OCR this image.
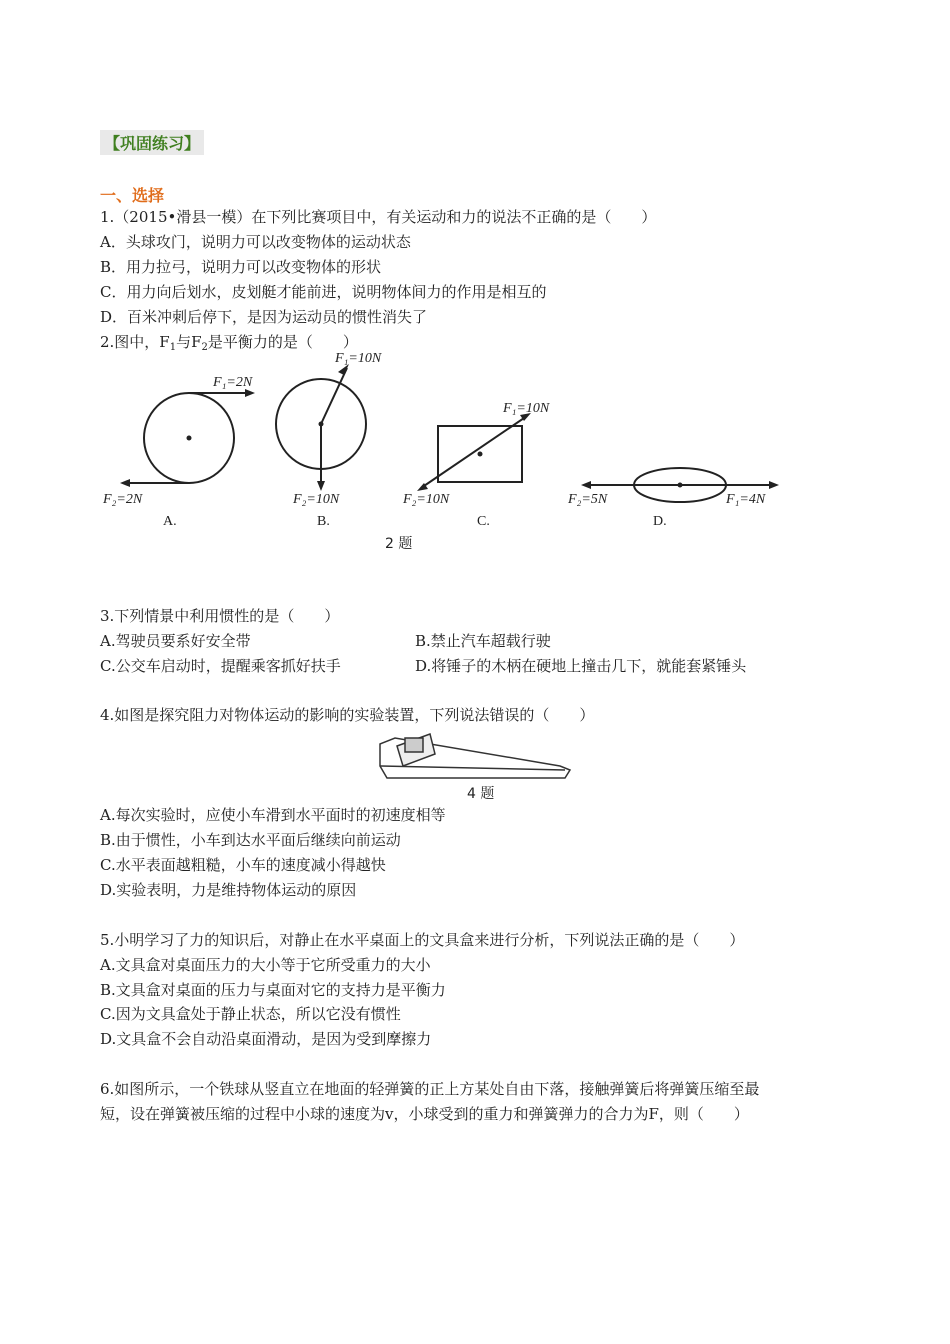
【巩固练习】
一、选择
1.（2015•滑县一模）在下列比赛项目中，有关运动和力的说法不正确的是（　　）
A．头球攻门，说明力可以改变物体的运动状态
B．用力拉弓，说明力可以改变物体的形状
C．用力向后划水，皮划艇才能前进，说明物体间力的作用是相互的
D．百米冲刺后停下，是因为运动员的惯性消失了
2.图中，$F_1$与$F_2$是平衡力的是（　　）
F₁=2N
F₂=2N
A.
F₁=10N
F₂=10N
B.
F₁=10N
F₂=10N
C.
F₂=5N	F₁=4N
D.
2 题
3.下列情景中利用惯性的是（　　）
A.驾驶员要系好安全带	B.禁止汽车超载行驶
C.公交车启动时，提醒乘客抓好扶手	D.将锤子的木柄在硬地上撞击几下，就能套紧锤头
4.如图是探究阻力对物体运动的影响的实验装置，下列说法错误的（　　）
4 题
A.每次实验时，应使小车滑到水平面时的初速度相等
B.由于惯性，小车到达水平面后继续向前运动
C.水平表面越粗糙，小车的速度减小得越快
D.实验表明，力是维持物体运动的原因
5.小明学习了力的知识后，对静止在水平桌面上的文具盒来进行分析，下列说法正确的是（　　）
A.文具盒对桌面压力的大小等于它所受重力的大小
B.文具盒对桌面的压力与桌面对它的支持力是平衡力
C.因为文具盒处于静止状态，所以它没有惯性
D.文具盒不会自动沿桌面滑动，是因为受到摩擦力
6.如图所示，一个铁球从竖直立在地面的轻弹簧的正上方某处自由下落，接触弹簧后将弹簧压缩至最
短，设在弹簧被压缩的过程中小球的速度为v，小球受到的重力和弹簧弹力的合力为F，则（　　）
